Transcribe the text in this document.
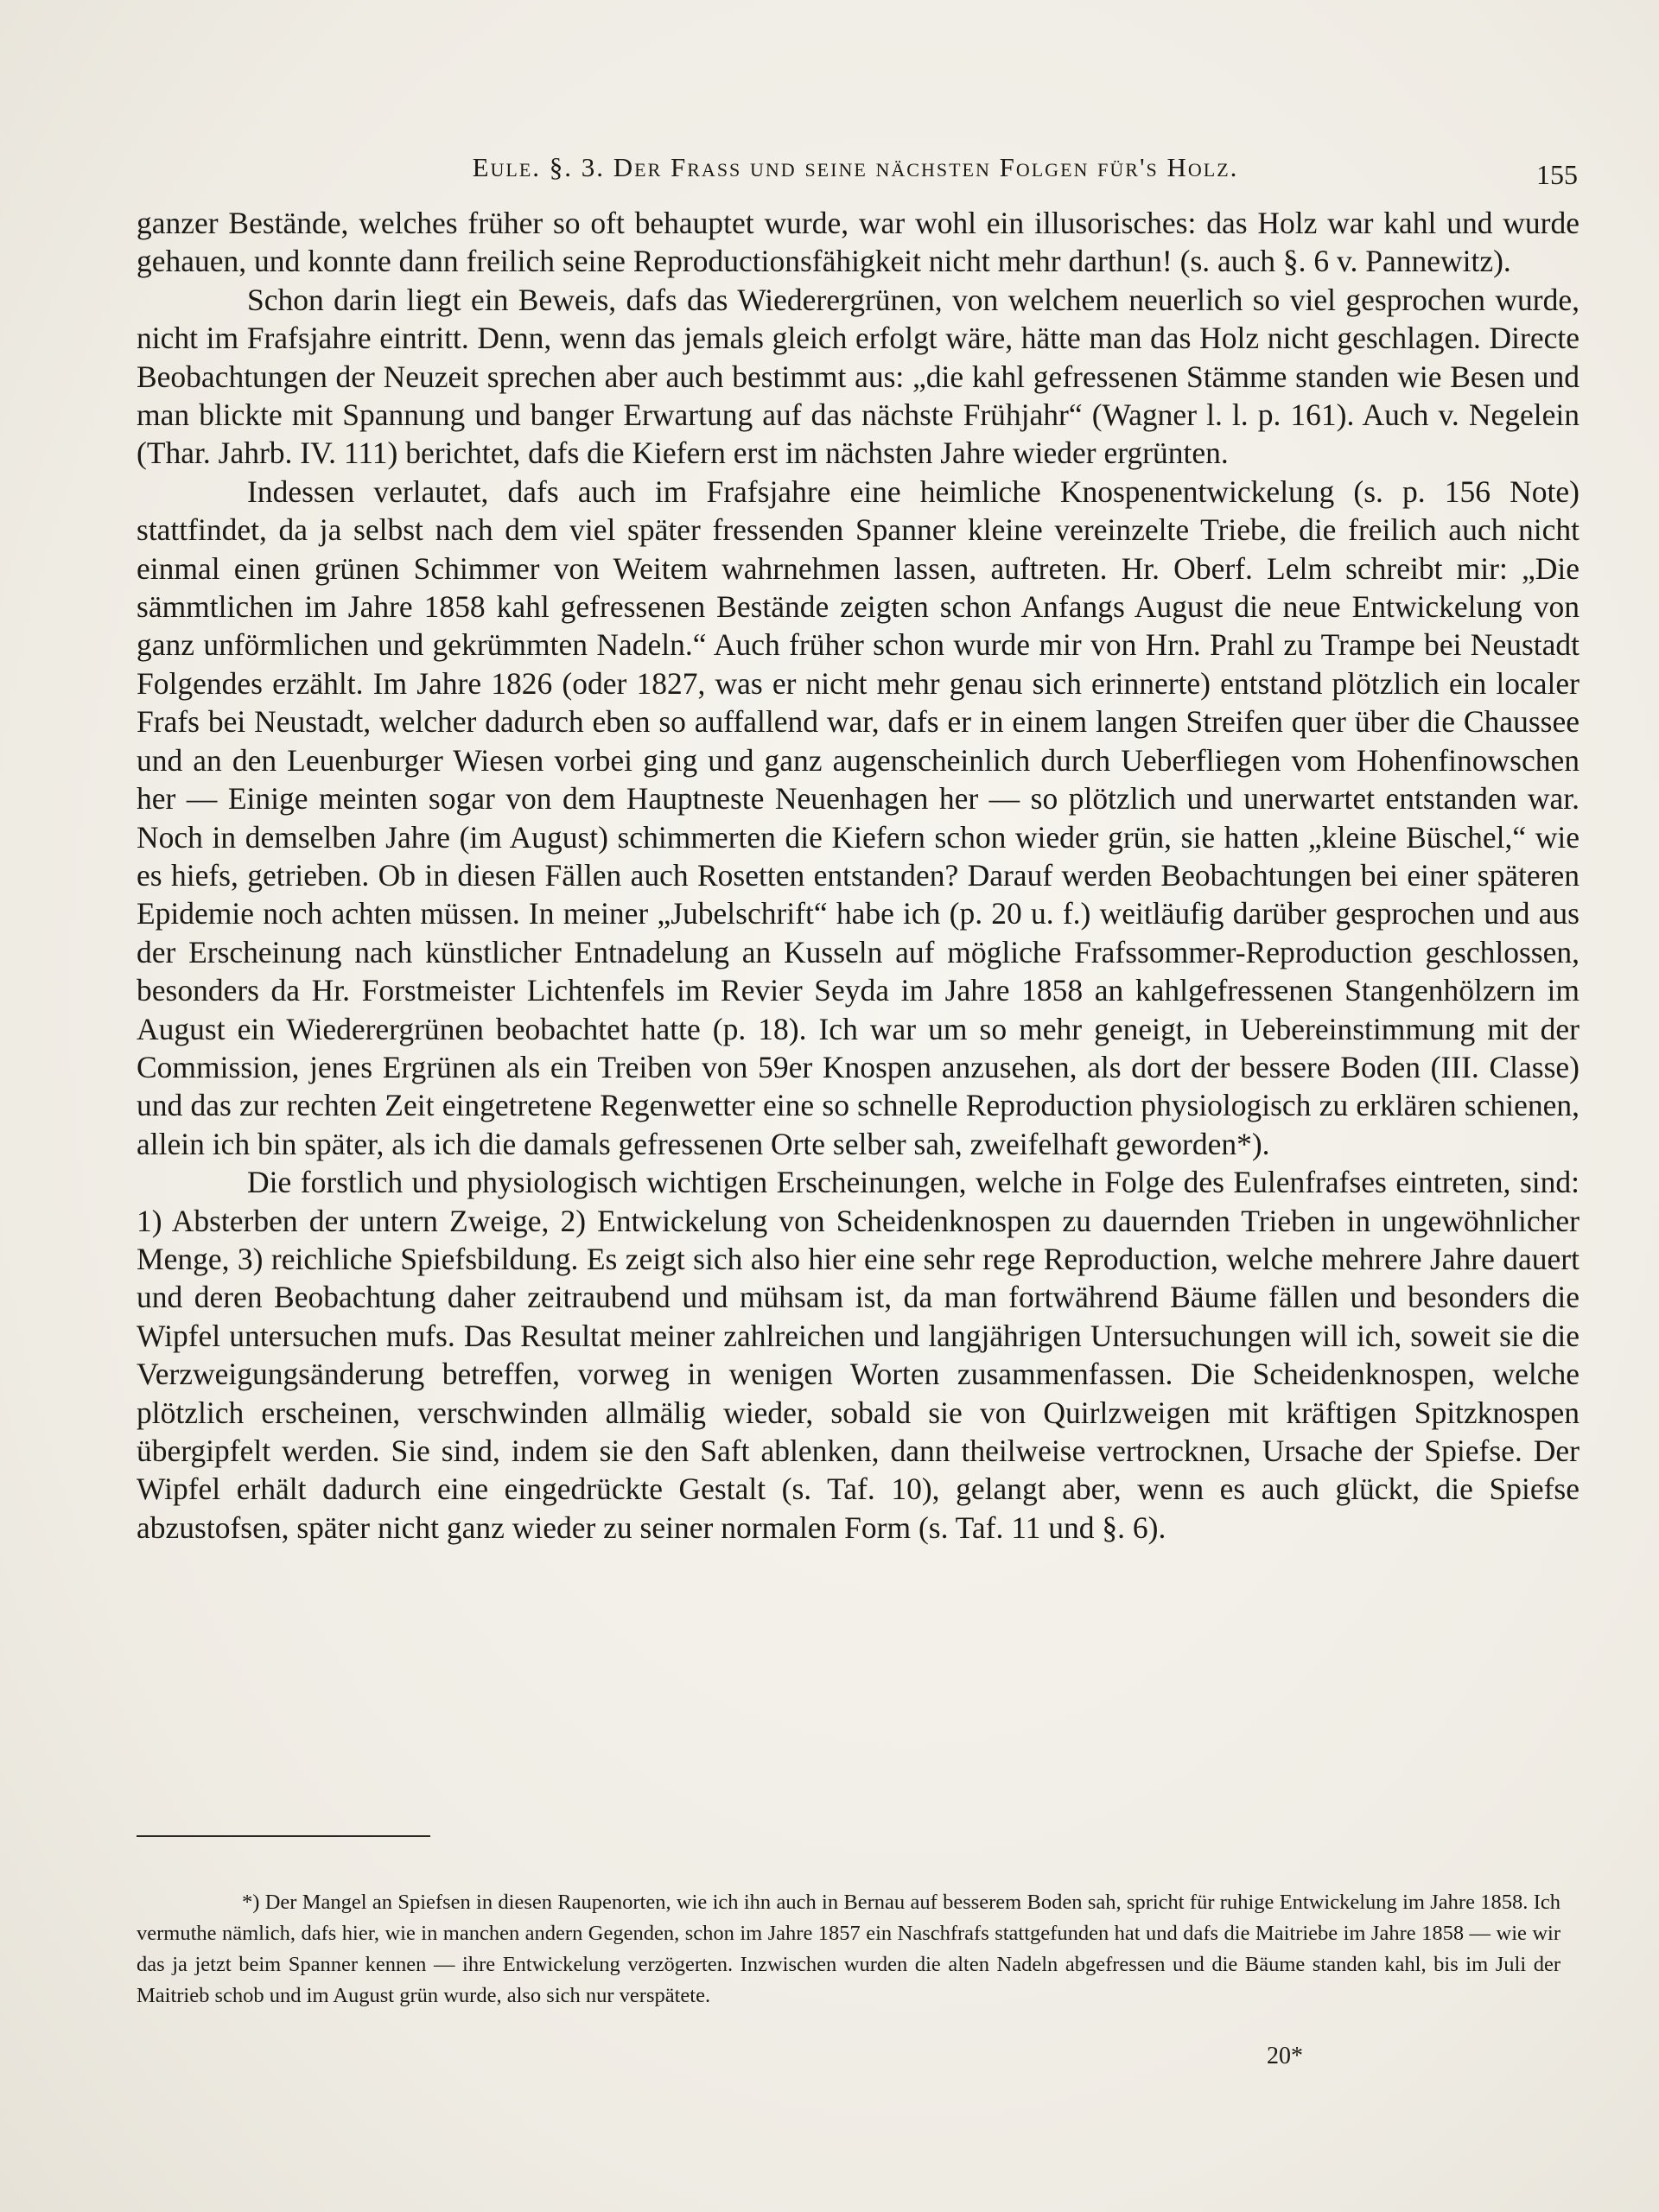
Eule. §. 3. Der Frass und seine nächsten Folgen für's Holz.	155

ganzer Bestände, welches früher so oft behauptet wurde, war wohl ein illusorisches: das Holz war kahl und wurde gehauen, und konnte dann freilich seine Reproductionsfähigkeit nicht mehr darthun! (s. auch §. 6 v. Pannewitz).

Schon darin liegt ein Beweis, dafs das Wiederergrünen, von welchem neuerlich so viel gesprochen wurde, nicht im Frafsjahre eintritt. Denn, wenn das jemals gleich erfolgt wäre, hätte man das Holz nicht geschlagen. Directe Beobachtungen der Neuzeit sprechen aber auch bestimmt aus: „die kahl gefressenen Stämme standen wie Besen und man blickte mit Spannung und banger Erwartung auf das nächste Frühjahr“ (Wagner l. l. p. 161). Auch v. Negelein (Thar. Jahrb. IV. 111) berichtet, dafs die Kiefern erst im nächsten Jahre wieder ergrünten.

Indessen verlautet, dafs auch im Frafsjahre eine heimliche Knospenentwickelung (s. p. 156 Note) stattfindet, da ja selbst nach dem viel später fressenden Spanner kleine vereinzelte Triebe, die freilich auch nicht einmal einen grünen Schimmer von Weitem wahrnehmen lassen, auftreten. Hr. Oberf. Lelm schreibt mir: „Die sämmtlichen im Jahre 1858 kahl gefressenen Bestände zeigten schon Anfangs August die neue Entwickelung von ganz unförmlichen und gekrümmten Nadeln.“ Auch früher schon wurde mir von Hrn. Prahl zu Trampe bei Neustadt Folgendes erzählt. Im Jahre 1826 (oder 1827, was er nicht mehr genau sich erinnerte) entstand plötzlich ein localer Frafs bei Neustadt, welcher dadurch eben so auffallend war, dafs er in einem langen Streifen quer über die Chaussee und an den Leuenburger Wiesen vorbei ging und ganz augenscheinlich durch Ueberfliegen vom Hohenfinowschen her — Einige meinten sogar von dem Hauptneste Neuenhagen her — so plötzlich und unerwartet entstanden war. Noch in demselben Jahre (im August) schimmerten die Kiefern schon wieder grün, sie hatten „kleine Büschel,“ wie es hiefs, getrieben. Ob in diesen Fällen auch Rosetten entstanden? Darauf werden Beobachtungen bei einer späteren Epidemie noch achten müssen. In meiner „Jubelschrift“ habe ich (p. 20 u. f.) weitläufig darüber gesprochen und aus der Erscheinung nach künstlicher Entnadelung an Kusseln auf mögliche Frafssommer-Reproduction geschlossen, besonders da Hr. Forstmeister Lichtenfels im Revier Seyda im Jahre 1858 an kahlgefressenen Stangenhölzern im August ein Wiederergrünen beobachtet hatte (p. 18). Ich war um so mehr geneigt, in Uebereinstimmung mit der Commission, jenes Ergrünen als ein Treiben von 59er Knospen anzusehen, als dort der bessere Boden (III. Classe) und das zur rechten Zeit eingetretene Regenwetter eine so schnelle Reproduction physiologisch zu erklären schienen, allein ich bin später, als ich die damals gefressenen Orte selber sah, zweifelhaft geworden*).

Die forstlich und physiologisch wichtigen Erscheinungen, welche in Folge des Eulenfrafses eintreten, sind: 1) Absterben der untern Zweige, 2) Entwickelung von Scheidenknospen zu dauernden Trieben in ungewöhnlicher Menge, 3) reichliche Spiefsbildung. Es zeigt sich also hier eine sehr rege Reproduction, welche mehrere Jahre dauert und deren Beobachtung daher zeitraubend und mühsam ist, da man fortwährend Bäume fällen und besonders die Wipfel untersuchen mufs. Das Resultat meiner zahlreichen und langjährigen Untersuchungen will ich, soweit sie die Verzweigungsänderung betreffen, vorweg in wenigen Worten zusammenfassen. Die Scheidenknospen, welche plötzlich erscheinen, verschwinden allmälig wieder, sobald sie von Quirlzweigen mit kräftigen Spitzknospen übergipfelt werden. Sie sind, indem sie den Saft ablenken, dann theilweise vertrocknen, Ursache der Spiefse. Der Wipfel erhält dadurch eine eingedrückte Gestalt (s. Taf. 10), gelangt aber, wenn es auch glückt, die Spiefse abzustofsen, später nicht ganz wieder zu seiner normalen Form (s. Taf. 11 und §. 6).

*) Der Mangel an Spiefsen in diesen Raupenorten, wie ich ihn auch in Bernau auf besserem Boden sah, spricht für ruhige Entwickelung im Jahre 1858. Ich vermuthe nämlich, dafs hier, wie in manchen andern Gegenden, schon im Jahre 1857 ein Naschfrafs stattgefunden hat und dafs die Maitriebe im Jahre 1858 — wie wir das ja jetzt beim Spanner kennen — ihre Entwickelung verzögerten. Inzwischen wurden die alten Nadeln abgefressen und die Bäume standen kahl, bis im Juli der Maitrieb schob und im August grün wurde, also sich nur verspätete.
20*
